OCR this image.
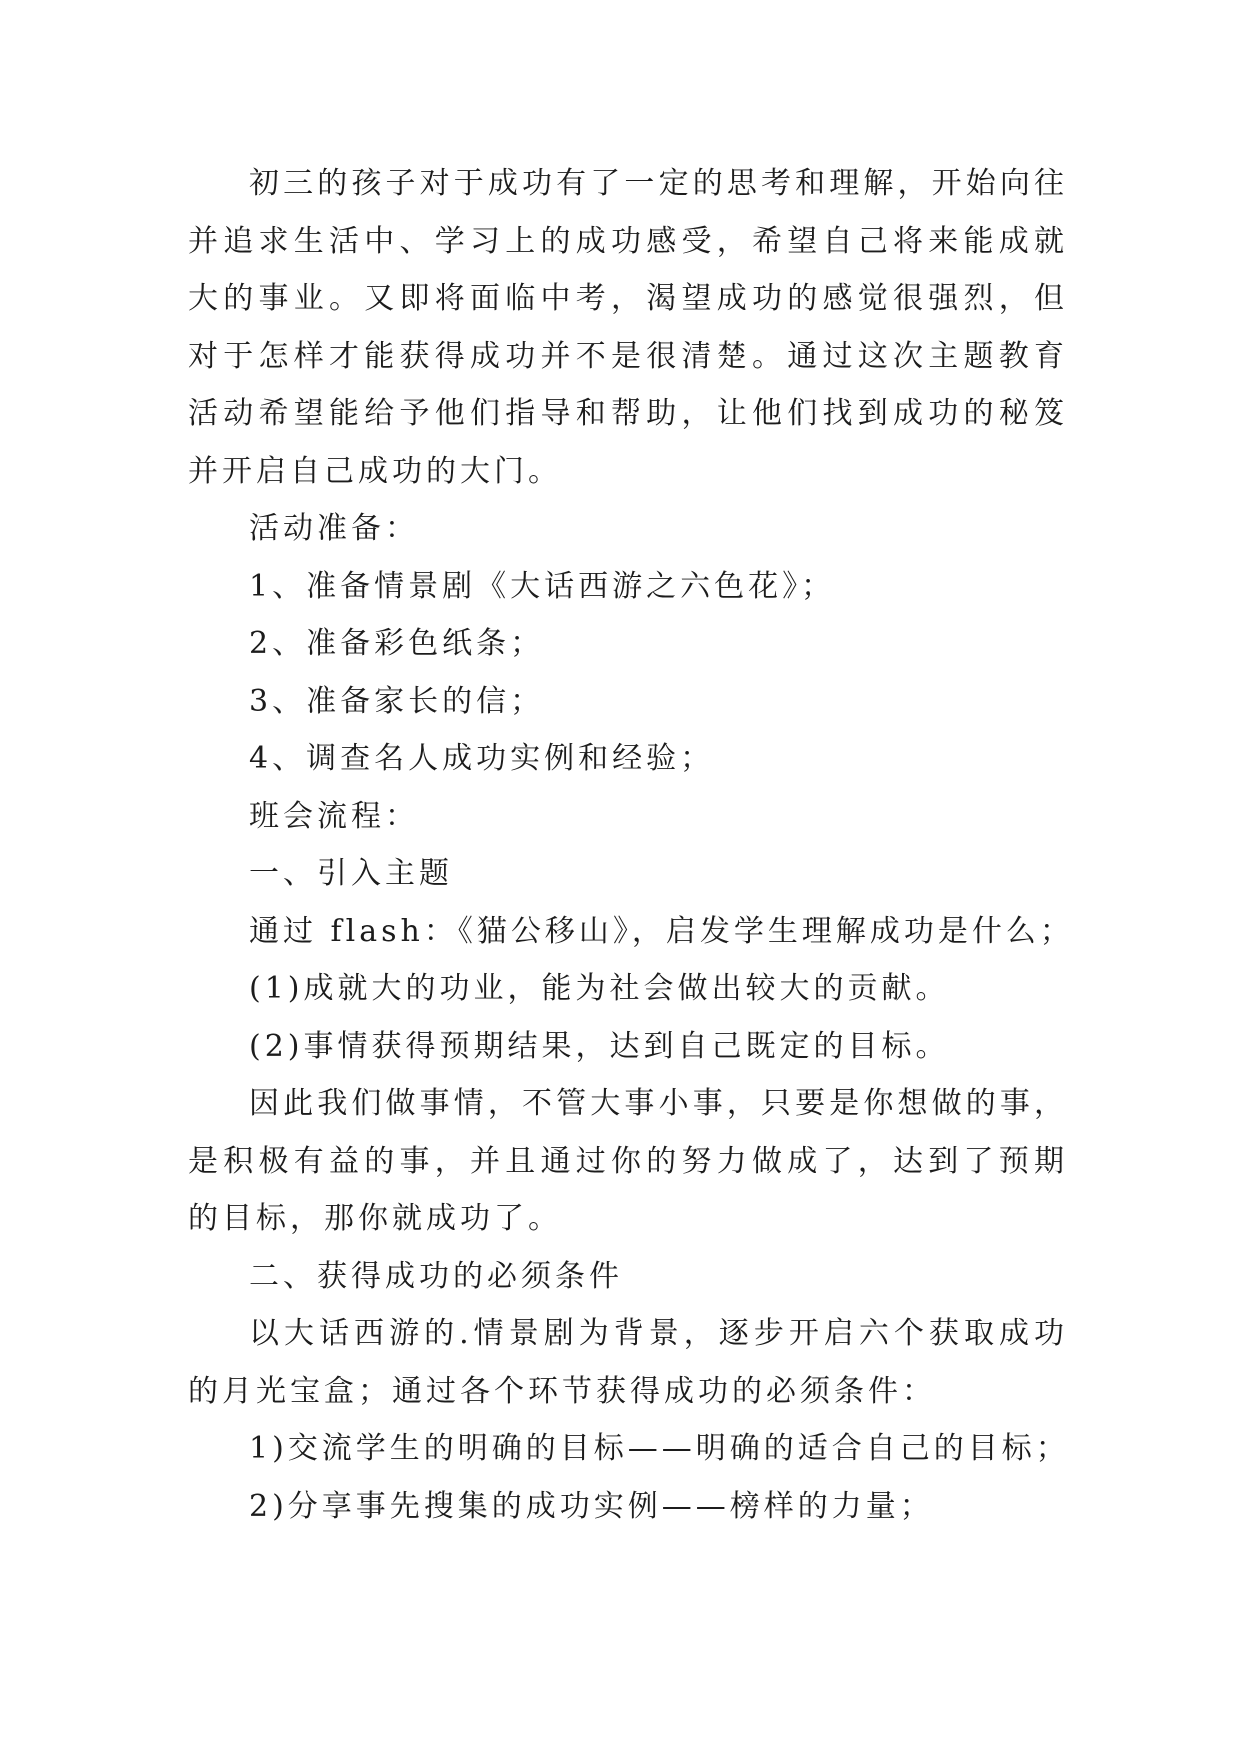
初三的孩子对于成功有了一定的思考和理解，开始向往并追求生活中、学习上的成功感受，希望自己将来能成就大的事业。又即将面临中考，渴望成功的感觉很强烈，但对于怎样才能获得成功并不是很清楚。通过这次主题教育活动希望能给予他们指导和帮助，让他们找到成功的秘笈并开启自己成功的大门。

活动准备：

1、准备情景剧《大话西游之六色花》；

2、准备彩色纸条；

3、准备家长的信；

4、调查名人成功实例和经验；

班会流程：

一、引入主题

通过 flash：《猫公移山》，启发学生理解成功是什么；

(1)成就大的功业，能为社会做出较大的贡献。

(2)事情获得预期结果，达到自己既定的目标。

因此我们做事情，不管大事小事，只要是你想做的事，是积极有益的事，并且通过你的努力做成了，达到了预期的目标，那你就成功了。

二、获得成功的必须条件

以大话西游的.情景剧为背景，逐步开启六个获取成功的月光宝盒；通过各个环节获得成功的必须条件：

1)交流学生的明确的目标——明确的适合自己的目标；

2)分享事先搜集的成功实例——榜样的力量；
